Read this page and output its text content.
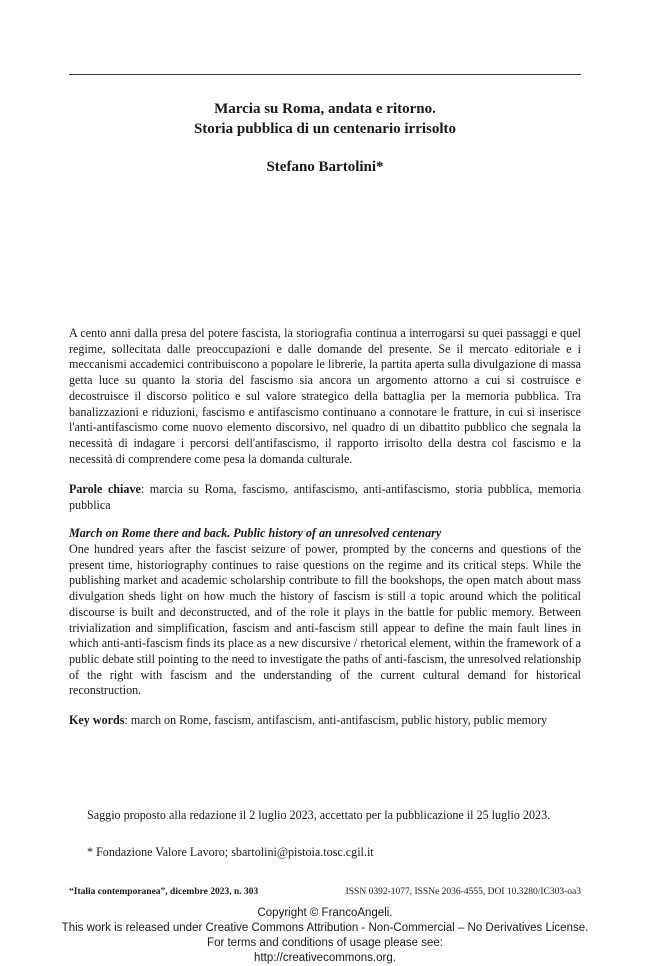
Marcia su Roma, andata e ritorno.
Storia pubblica di un centenario irrisolto
Stefano Bartolini*

A cento anni dalla presa del potere fascista, la storiografia continua a interrogarsi su quei passaggi e quel regime, sollecitata dalle preoccupazioni e dalle domande del presente. Se il mercato editoriale e i meccanismi accademici contribuiscono a popolare le librerie, la partita aperta sulla divulgazione di massa getta luce su quanto la storia del fascismo sia ancora un argomento attorno a cui si costruisce e decostruisce il discorso politico e sul valore strategico della battaglia per la memoria pubblica. Tra banalizzazioni e riduzioni, fascismo e antifascismo continuano a connotare le fratture, in cui si inserisce l'anti-antifascismo come nuovo elemento discorsivo, nel quadro di un dibattito pubblico che segnala la necessità di indagare i percorsi dell'antifascismo, il rapporto irrisolto della destra col fascismo e la necessità di comprendere come pesa la domanda culturale.

Parole chiave: marcia su Roma, fascismo, antifascismo, anti-antifascismo, storia pubblica, memoria pubblica

March on Rome there and back. Public history of an unresolved centenary

One hundred years after the fascist seizure of power, prompted by the concerns and questions of the present time, historiography continues to raise questions on the regime and its critical steps. While the publishing market and academic scholarship contribute to fill the bookshops, the open match about mass divulgation sheds light on how much the history of fascism is still a topic around which the political discourse is built and deconstructed, and of the role it plays in the battle for public memory. Between trivialization and simplification, fascism and anti-fascism still appear to define the main fault lines in which anti-anti-fascism finds its place as a new discursive / rhetorical element, within the framework of a public debate still pointing to the need to investigate the paths of anti-fascism, the unresolved relationship of the right with fascism and the understanding of the current cultural demand for historical reconstruction.

Key words: march on Rome, fascism, antifascism, anti-antifascism, public history, public memory

Saggio proposto alla redazione il 2 luglio 2023, accettato per la pubblicazione il 25 luglio 2023.

* Fondazione Valore Lavoro; sbartolini@pistoia.tosc.cgil.it

“Italia contemporanea”, dicembre 2023, n. 303	ISSN 0392-1077, ISSNe 2036-4555, DOI 10.3280/IC303-oa3
Copyright © FrancoAngeli.
This work is released under Creative Commons Attribution - Non-Commercial – No Derivatives License.
For terms and conditions of usage please see:
http://creativecommons.org.
